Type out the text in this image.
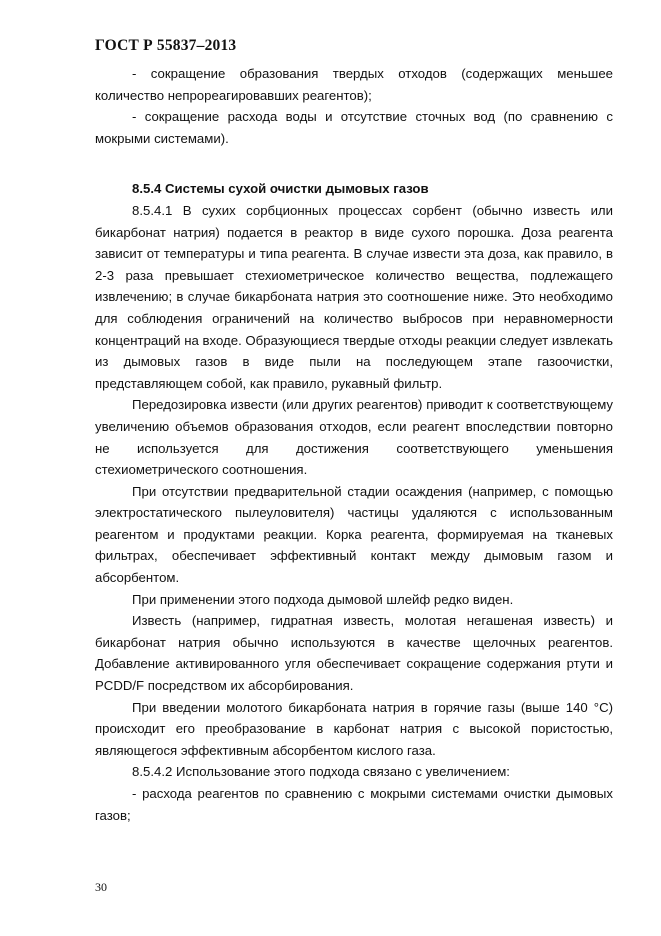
ГОСТ Р 55837–2013

- сокращение образования твердых отходов (содержащих меньшее количество непрореагировавших реагентов);

- сокращение расхода воды и отсутствие сточных вод (по сравнению с мокрыми системами).

8.5.4 Системы сухой очистки дымовых газов

8.5.4.1 В сухих сорбционных процессах сорбент (обычно известь или бикарбонат натрия) подается в реактор в виде сухого порошка. Доза реагента зависит от температуры и типа реагента. В случае извести эта доза, как правило, в 2-3 раза превышает стехиометрическое количество вещества, подлежащего извлечению; в случае бикарбоната натрия это соотношение ниже. Это необходимо для соблюдения ограничений на количество выбросов при неравномерности концентраций на входе. Образующиеся твердые отходы реакции следует извлекать из дымовых газов в виде пыли на последующем этапе газоочистки, представляющем собой, как правило, рукавный фильтр.

Передозировка извести (или других реагентов) приводит к соответствующему увеличению объемов образования отходов, если реагент впоследствии повторно не используется для достижения соответствующего уменьшения стехиометрического соотношения.

При отсутствии предварительной стадии осаждения (например, с помощью электростатического пылеуловителя) частицы удаляются с использованным реагентом и продуктами реакции. Корка реагента, формируемая на тканевых фильтрах, обеспечивает эффективный контакт между дымовым газом и абсорбентом.

При применении этого подхода дымовой шлейф редко виден.

Известь (например, гидратная известь, молотая негашеная известь) и бикарбонат натрия обычно используются в качестве щелочных реагентов. Добавление активированного угля обеспечивает сокращение содержания ртути и PCDD/F посредством их абсорбирования.

При введении молотого бикарбоната натрия в горячие газы (выше 140 °C) происходит его преобразование в карбонат натрия с высокой пористостью, являющегося эффективным абсорбентом кислого газа.

8.5.4.2 Использование этого подхода связано с увеличением:

- расхода реагентов по сравнению с мокрыми системами очистки дымовых газов;

30
